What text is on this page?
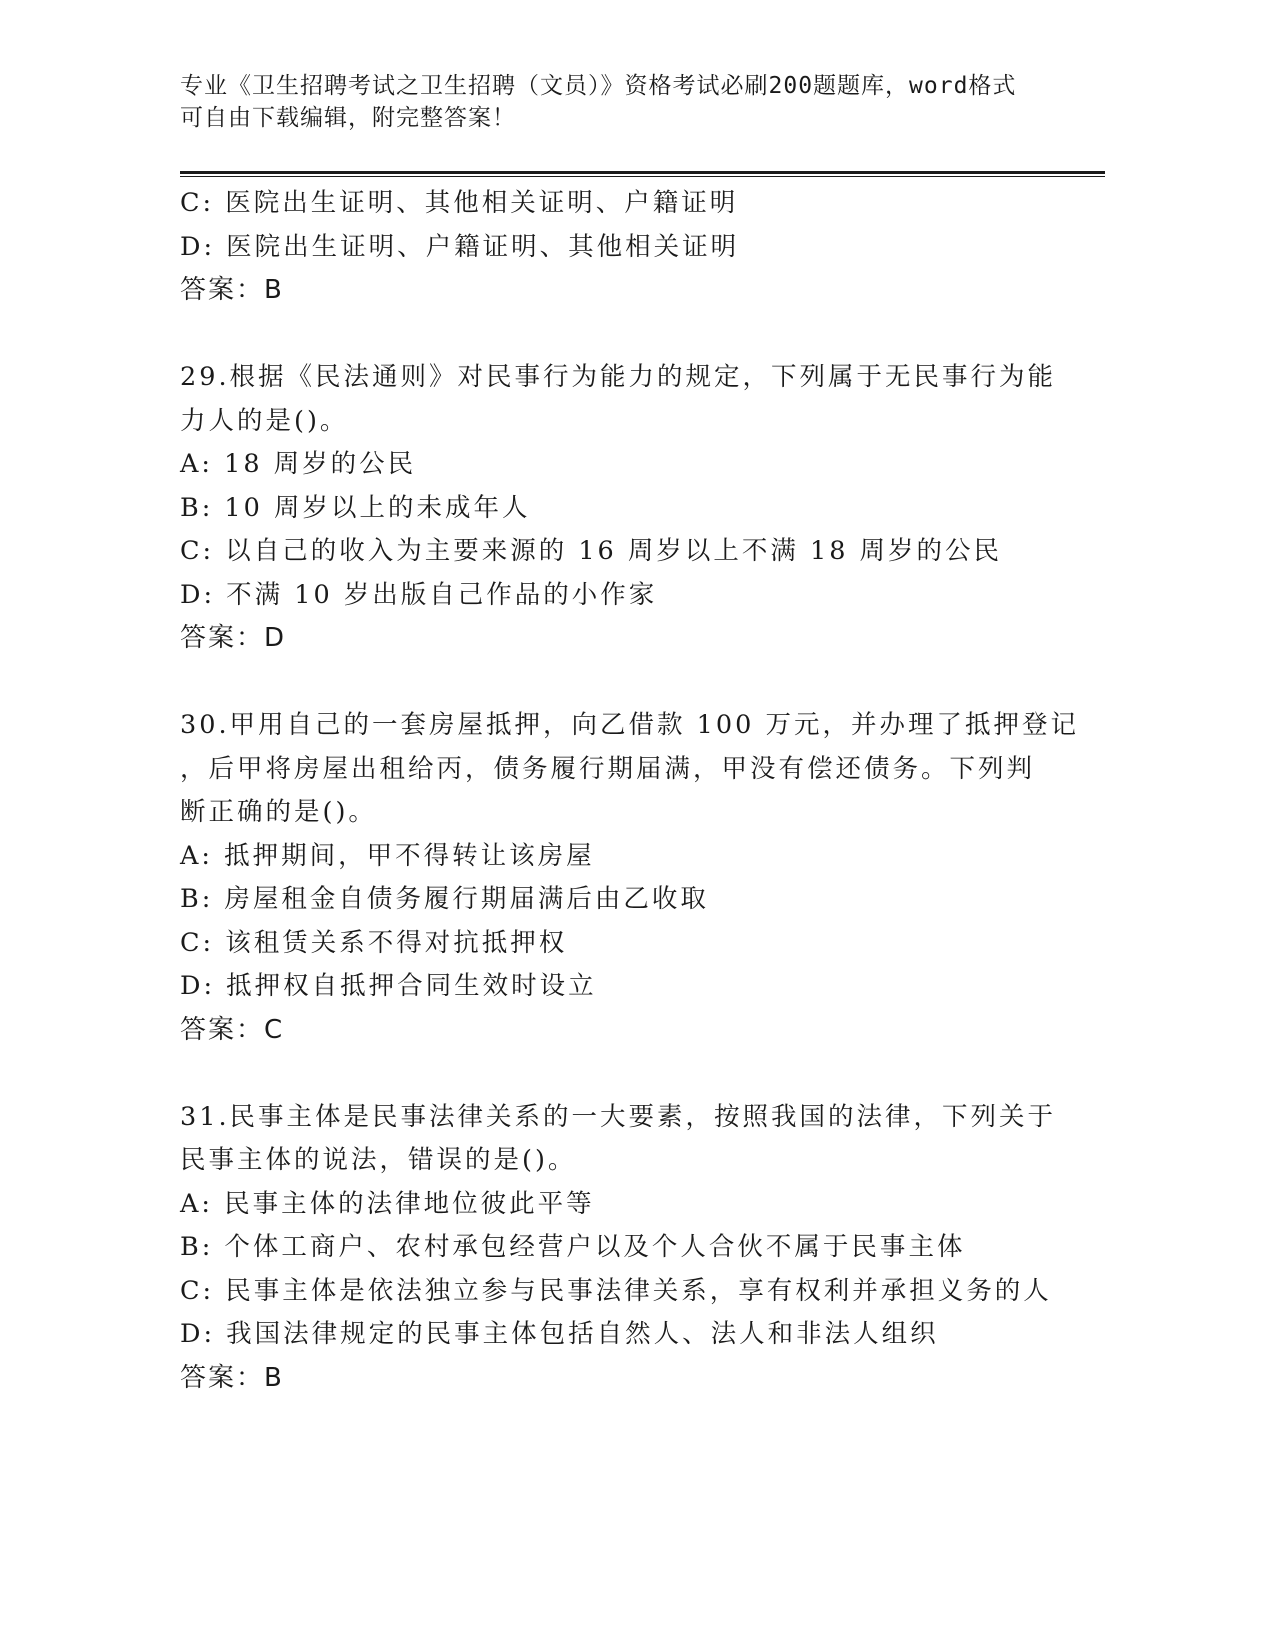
专业《卫生招聘考试之卫生招聘（文员）》资格考试必刷200题题库，word格式
可自由下载编辑，附完整答案！
C: 医院出生证明、其他相关证明、户籍证明
D: 医院出生证明、户籍证明、其他相关证明
答案：B
29.根据《民法通则》对民事行为能力的规定，下列属于无民事行为能
力人的是()。
A: 18 周岁的公民
B: 10 周岁以上的未成年人
C: 以自己的收入为主要来源的 16 周岁以上不满 18 周岁的公民
D: 不满 10 岁出版自己作品的小作家
答案：D
30.甲用自己的一套房屋抵押，向乙借款 100 万元，并办理了抵押登记
，后甲将房屋出租给丙，债务履行期届满，甲没有偿还债务。下列判
断正确的是()。
A: 抵押期间，甲不得转让该房屋
B: 房屋租金自债务履行期届满后由乙收取
C: 该租赁关系不得对抗抵押权
D: 抵押权自抵押合同生效时设立
答案：C
31.民事主体是民事法律关系的一大要素，按照我国的法律，下列关于
民事主体的说法，错误的是()。
A: 民事主体的法律地位彼此平等
B: 个体工商户、农村承包经营户以及个人合伙不属于民事主体
C: 民事主体是依法独立参与民事法律关系，享有权利并承担义务的人
D: 我国法律规定的民事主体包括自然人、法人和非法人组织
答案：B
